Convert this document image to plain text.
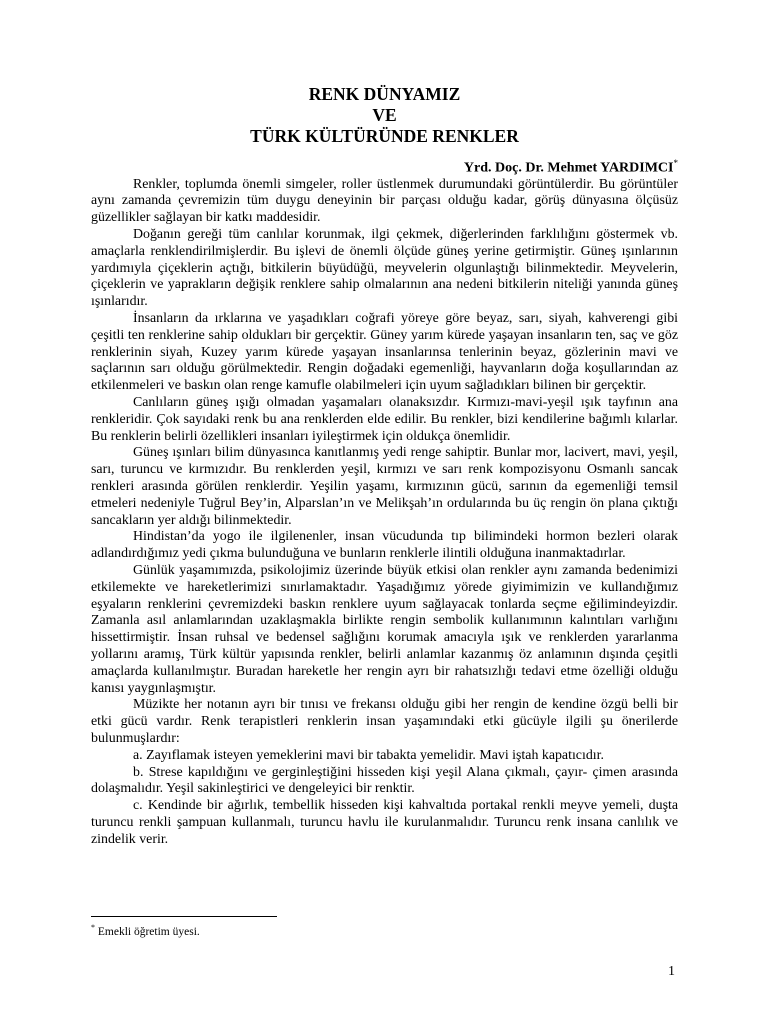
RENK DÜNYAMIZ
VE
TÜRK KÜLTÜRÜNDE RENKLER
Yrd. Doç. Dr. Mehmet YARDIMCI*

Renkler, toplumda önemli simgeler, roller üstlenmek durumundaki görüntülerdir. Bu görüntüler aynı zamanda çevremizin tüm duygu deneyinin bir parçası olduğu kadar, görüş dünyasına ölçüsüz güzellikler sağlayan bir katkı maddesidir.

Doğanın gereği tüm canlılar korunmak, ilgi çekmek, diğerlerinden farklılığını göstermek vb. amaçlarla renklendirilmişlerdir. Bu işlevi de önemli ölçüde güneş yerine getirmiştir. Güneş ışınlarının yardımıyla çiçeklerin açtığı, bitkilerin büyüdüğü, meyvelerin olgunlaştığı bilinmektedir. Meyvelerin, çiçeklerin ve yaprakların değişik renklere sahip olmalarının ana nedeni bitkilerin niteliği yanında güneş ışınlarıdır.

İnsanların da ırklarına ve yaşadıkları coğrafi yöreye göre beyaz, sarı, siyah, kahverengi gibi çeşitli ten renklerine sahip oldukları bir gerçektir. Güney yarım kürede yaşayan insanların ten, saç ve göz renklerinin siyah, Kuzey yarım kürede yaşayan insanlarınsa tenlerinin beyaz, gözlerinin mavi ve saçlarının sarı olduğu görülmektedir. Rengin doğadaki egemenliği, hayvanların doğa koşullarından az etkilenmeleri ve baskın olan renge kamufle olabilmeleri için uyum sağladıkları bilinen bir gerçektir.

Canlıların güneş ışığı olmadan yaşamaları olanaksızdır. Kırmızı-mavi-yeşil ışık tayfının ana renkleridir. Çok sayıdaki renk bu ana renklerden elde edilir. Bu renkler, bizi kendilerine bağımlı kılarlar. Bu renklerin belirli özellikleri insanları iyileştirmek için oldukça önemlidir.

Güneş ışınları bilim dünyasınca kanıtlanmış yedi renge sahiptir. Bunlar mor, lacivert, mavi, yeşil, sarı, turuncu ve kırmızıdır. Bu renklerden yeşil, kırmızı ve sarı renk kompozisyonu Osmanlı sancak renkleri arasında görülen renklerdir. Yeşilin yaşamı, kırmızının gücü, sarının da egemenliği temsil etmeleri nedeniyle Tuğrul Bey’in, Alparslan’ın ve Melikşah’ın ordularında bu üç rengin ön plana çıktığı sancakların yer aldığı bilinmektedir.

Hindistan’da yogo ile ilgilenenler, insan vücudunda tıp bilimindeki hormon bezleri olarak adlandırdığımız yedi çıkma bulunduğuna ve bunların renklerle ilintili olduğuna inanmaktadırlar.

Günlük yaşamımızda, psikolojimiz üzerinde büyük etkisi olan renkler aynı zamanda bedenimizi etkilemekte ve hareketlerimizi sınırlamaktadır. Yaşadığımız yörede giyimimizin ve kullandığımız eşyaların renklerini çevremizdeki baskın renklere uyum sağlayacak tonlarda seçme eğilimindeyizdir. Zamanla asıl anlamlarından uzaklaşmakla birlikte rengin sembolik kullanımının kalıntıları varlığını hissettirmiştir. İnsan ruhsal ve bedensel sağlığını korumak amacıyla ışık ve renklerden yararlanma yollarını aramış, Türk kültür yapısında renkler, belirli anlamlar kazanmış öz anlamının dışında çeşitli amaçlarda kullanılmıştır. Buradan hareketle her rengin ayrı bir rahatsızlığı tedavi etme özelliği olduğu kanısı yaygınlaşmıştır.

Müzikte her notanın ayrı bir tınısı ve frekansı olduğu gibi her rengin de kendine özgü belli bir etki gücü vardır. Renk terapistleri renklerin insan yaşamındaki etki gücüyle ilgili şu önerilerde bulunmuşlardır:

a. Zayıflamak isteyen yemeklerini mavi bir tabakta yemelidir. Mavi iştah kapatıcıdır.

b. Strese kapıldığını ve gerginleştiğini hisseden kişi yeşil Alana çıkmalı, çayır- çimen arasında dolaşmalıdır. Yeşil sakinleştirici ve dengeleyici bir renktir.

c. Kendinde bir ağırlık, tembellik hisseden kişi kahvaltıda portakal renkli meyve yemeli, duşta turuncu renkli şampuan kullanmalı, turuncu havlu ile kurulanmalıdır. Turuncu renk insana canlılık ve zindelik verir.

* Emekli öğretim üyesi.
1
